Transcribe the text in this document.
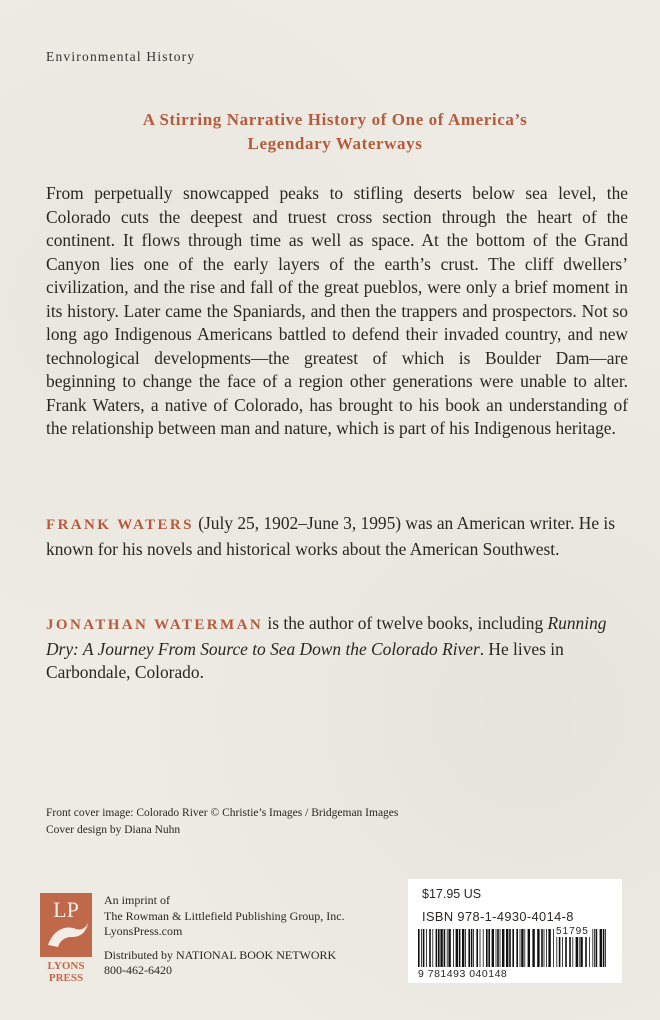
Environmental History
A Stirring Narrative History of One of America’s
Legendary Waterways

From perpetually snowcapped peaks to stifling deserts below sea level, the Colorado cuts the deepest and truest cross section through the heart of the continent. It flows through time as well as space. At the bottom of the Grand Canyon lies one of the early layers of the earth’s crust. The cliff dwellers’ civilization, and the rise and fall of the great pueblos, were only a brief moment in its history. Later came the Spaniards, and then the trappers and prospectors. Not so long ago Indigenous Americans battled to defend their invaded country, and new technological developments—the greatest of which is Boulder Dam—are beginning to change the face of a region other generations were unable to alter. Frank Waters, a native of Colorado, has brought to his book an understanding of the relationship between man and nature, which is part of his Indigenous heritage.

FRANK WATERS (July 25, 1902–June 3, 1995) was an American writer. He is known for his novels and historical works about the American Southwest.

JONATHAN WATERMAN is the author of twelve books, including Running Dry: A Journey From Source to Sea Down the Colorado River. He lives in Carbondale, Colorado.

Front cover image: Colorado River © Christie’s Images / Bridgeman Images
Cover design by Diana Nuhn
LP
LYONS
PRESS
An imprint of
The Rowman & Littlefield Publishing Group, Inc.
LyonsPress.com
Distributed by NATIONAL BOOK NETWORK
800-462-6420
$17.95 US
ISBN 978-1-4930-4014-8
51795
9 781493 040148
